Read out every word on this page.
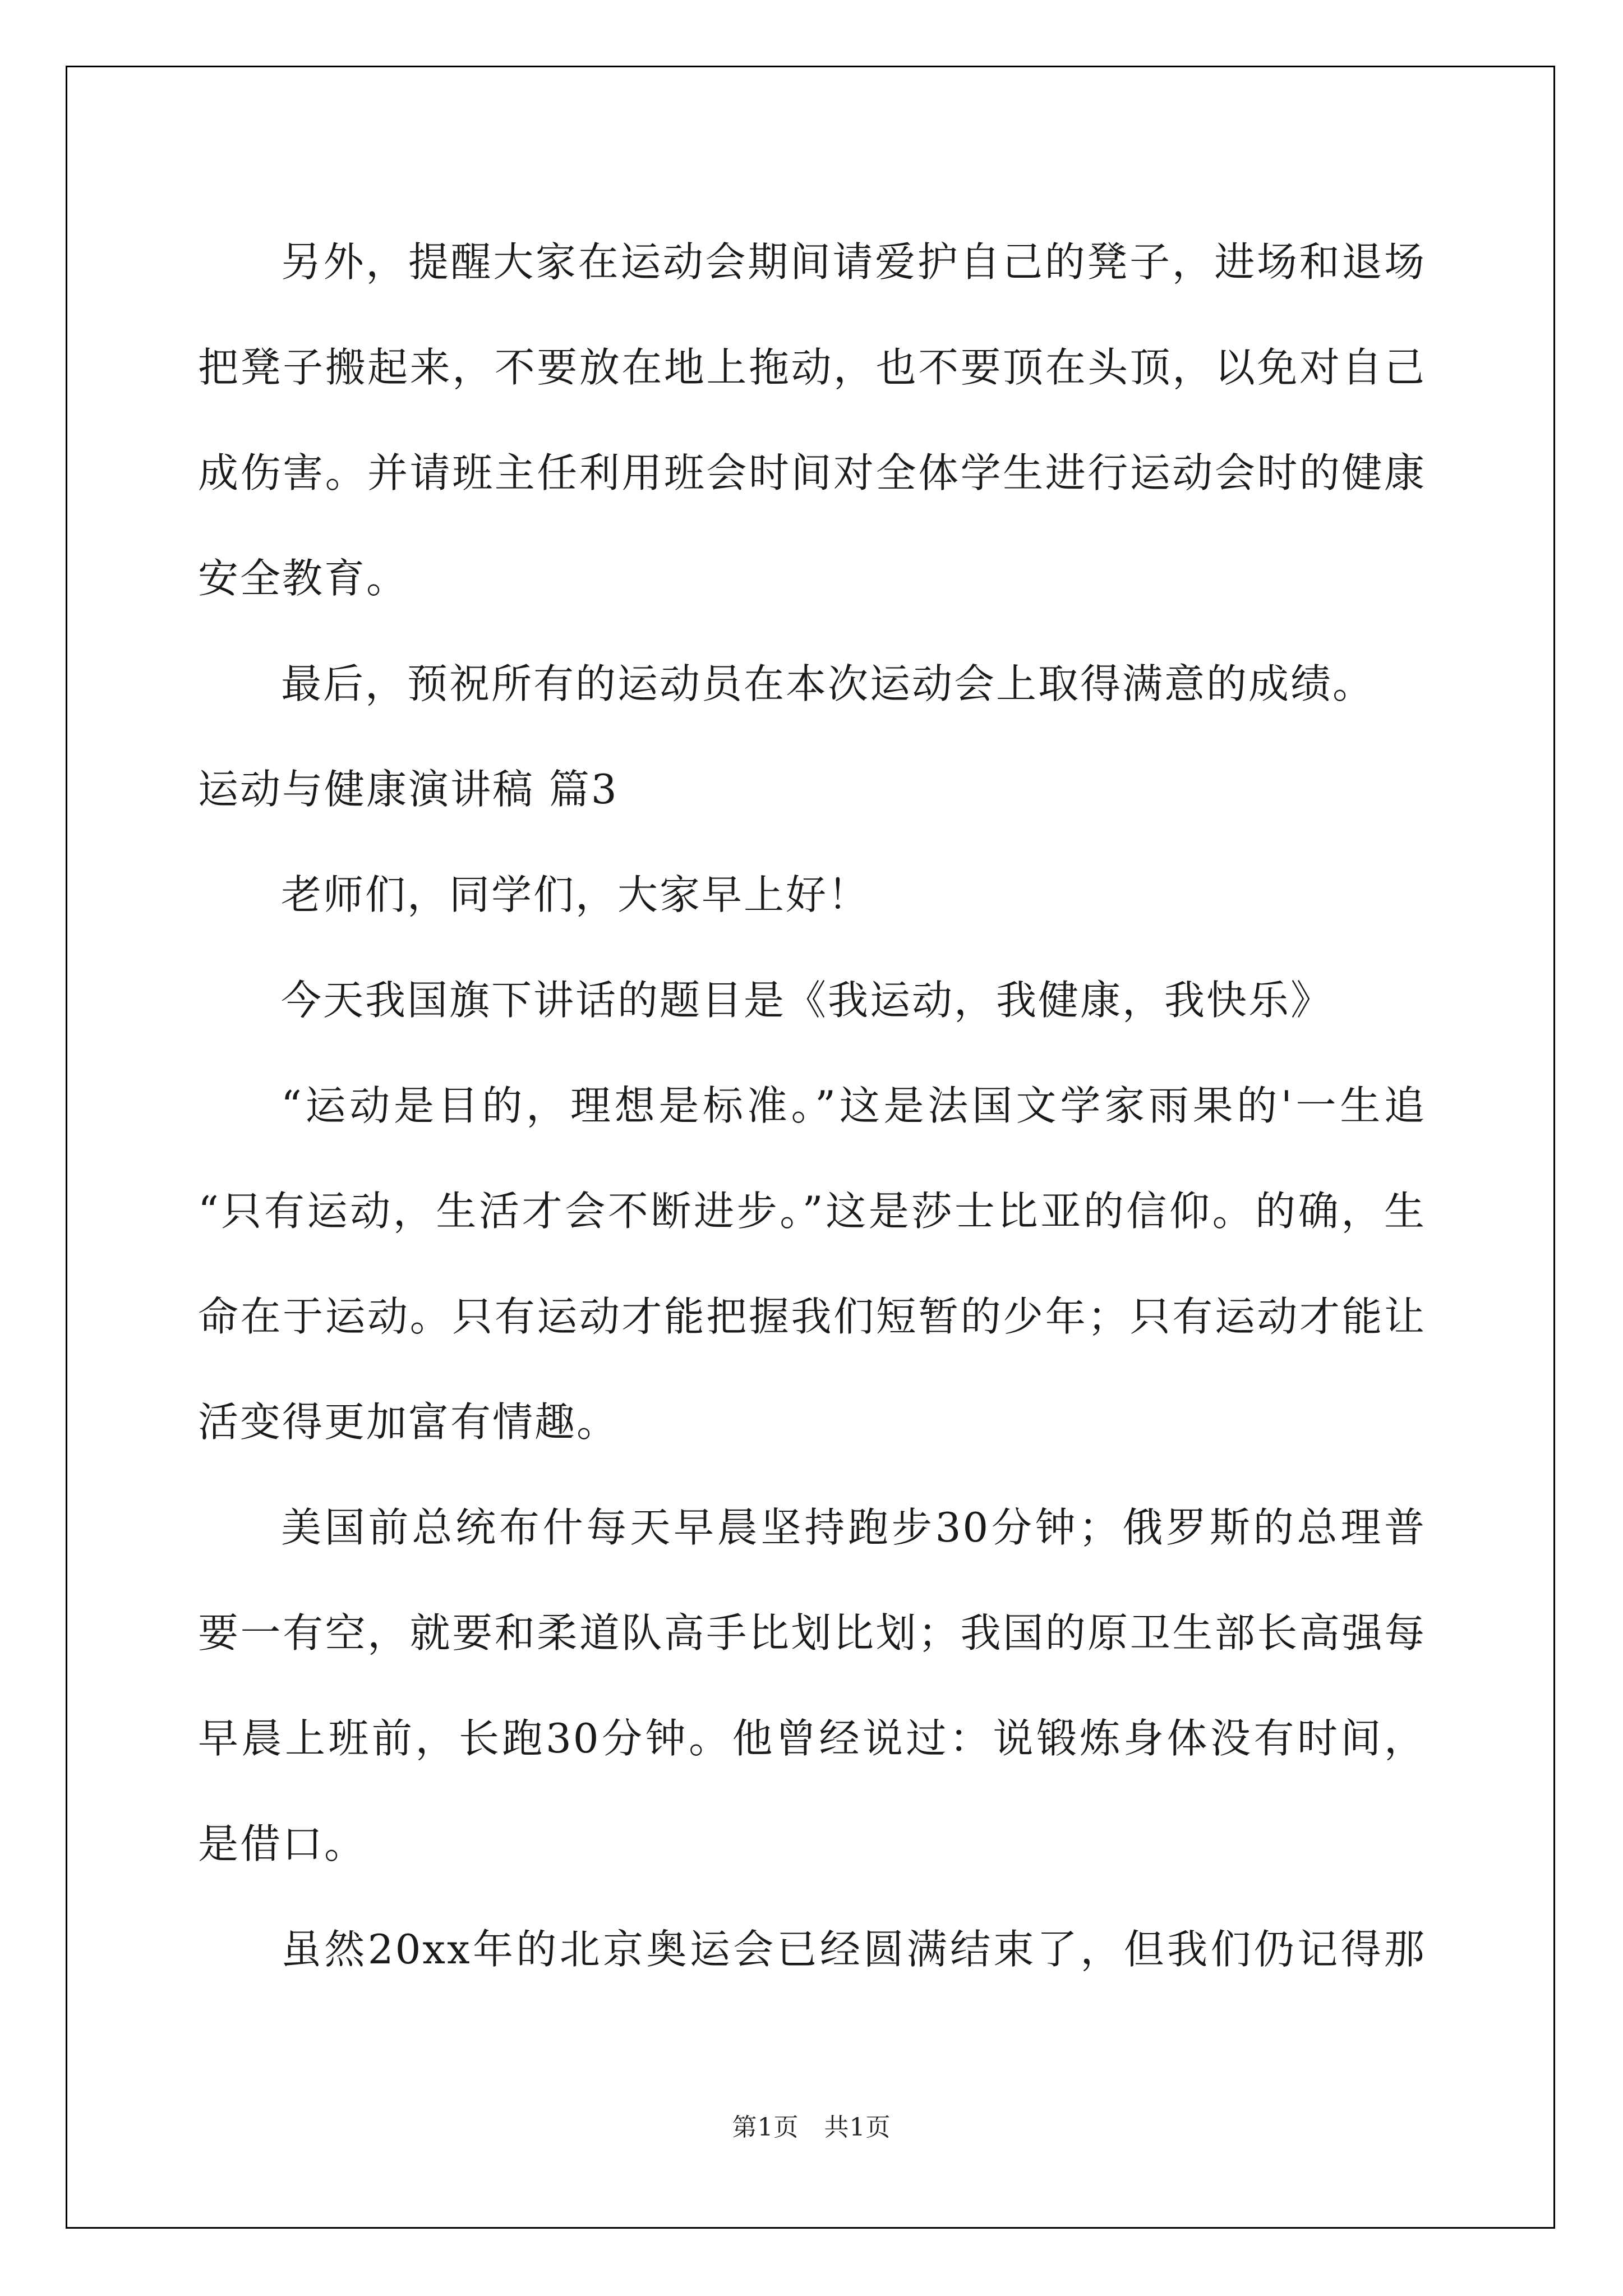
另外，提醒大家在运动会期间请爱护自己的凳子，进场和退场
把凳子搬起来，不要放在地上拖动，也不要顶在头顶，以免对自己
成伤害。并请班主任利用班会时间对全体学生进行运动会时的健康
安全教育。
最后，预祝所有的运动员在本次运动会上取得满意的成绩。
运动与健康演讲稿 篇3
老师们，同学们，大家早上好！
今天我国旗下讲话的题目是《我运动，我健康，我快乐》
“运动是目的，理想是标准。”这是法国文学家雨果的'一生追
“只有运动，生活才会不断进步。”这是莎士比亚的信仰。的确，生
命在于运动。只有运动才能把握我们短暂的少年；只有运动才能让
活变得更加富有情趣。
美国前总统布什每天早晨坚持跑步30分钟；俄罗斯的总理普
要一有空，就要和柔道队高手比划比划；我国的原卫生部长高强每
早晨上班前，长跑30分钟。他曾经说过：说锻炼身体没有时间，
是借口。
虽然20xx年的北京奥运会已经圆满结束了，但我们仍记得那
第1页　共1页
